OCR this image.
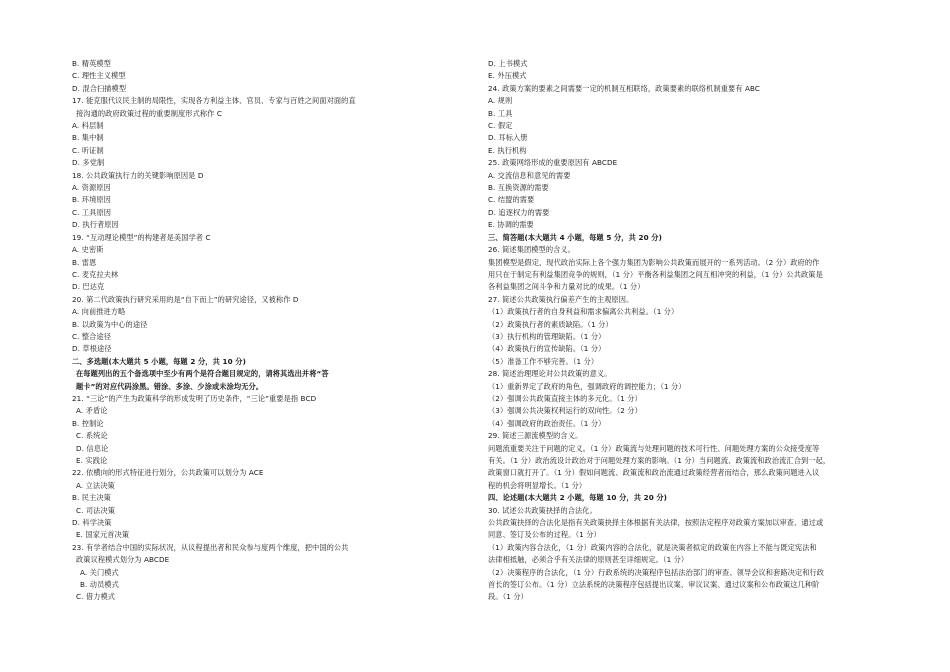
B. 精英模型
C. 理性主义模型
D. 混合扫描模型
17. 能克服代议民主制的局限性，实现各方利益主体、官员、专家与百姓之间面对面的直
接沟通的政府政策过程的重要制度形式称作 C
A. 科层制
B. 集中制
C. 听证制
D. 多党制
18. 公共政策执行力的关键影响原因是 D
A. 资源原因
B. 环境原因
C. 工具原因
D. 执行者原因
19. “互动理论模型”的构建者是美国学者 C
A. 史密斯
B. 雷恩
C. 麦克拉夫林
D. 巴达克
20. 第二代政策执行研究采用的是“自下而上”的研究途径，又被称作 D
A. 向前推进方略
B. 以政策为中心的途径
C. 整合途径
D. 草根途径
二、多选题(本大题共 5 小题，每题 2 分，共 10 分)
在每题列出的五个备选项中至少有两个是符合题目规定的，请将其选出并将“答
题卡”的对应代码涂黑。错涂、多涂、少涂或未涂均无分。
21. “三论”的产生为政策科学的形成发明了历史条件，“三论”重要是指 BCD
A. 矛盾论
B. 控制论
C. 系统论
D. 信息论
E. 实践论
22. 依横向的形式特征进行划分，公共政策可以划分为 ACE
A. 立法决策
B. 民主决策
C. 司法决策
D. 科学决策
E. 国家元首决策
23. 有学者结合中国的实际状况，从议程提出者和民众参与度两个维度，把中国的公共
政策议程模式划分为 ABCDE
A. 关门模式
B. 动员模式
C. 借力模式
D. 上书模式
E. 外压模式
24. 政策方案的要素之间需要一定的机制互相联络，政策要素的联络机制重要有 ABC
A. 规则
B. 工具
C. 假定
D. 耳标入册
E. 执行机构
25. 政策网络形成的重要原因有 ABCDE
A. 交流信息和意见的需要
B. 互换资源的需要
C. 结盟的需要
D. 追逐权力的需要
E. 协调的需要
三、简答题(本大题共 4 小题，每题 5 分，共 20 分)
26. 简述集团模型的含义。
集团模型是假定，现代政治实际上各个强力集团为影响公共政策而展开的一系列活动。（2 分）政府的作
用只在于制定有利益集团竞争的规则，（1 分）平衡各利益集团之间互相冲突的利益，（1 分）公共政策是
各利益集团之间斗争和力量对比的成果。（1 分）
27. 简述公共政策执行偏差产生的主观原因。
（1）政策执行者的自身利益和需求偏离公共利益。（1 分）
（2）政策执行者的素质缺陷。（1 分）
（3）执行机构的管理缺陷。（1 分）
（4）政策执行的宣传缺陷。（1 分）
（5）准备工作不够完善。（1 分）
28. 简述治理理论对公共政策的意义。
（1）重新界定了政府的角色，强调政府的调控能力；（1 分）
（2）强调公共政策直接主体的多元化。（1 分）
（3）强调公共决策权利运行的双向性。（2 分）
（4）强调政府的政治责任。（1 分）
29. 简述三源流模型的含义。
问题流重要关注于问题的定义。（1 分）政策流与处理问题的技术可行性、问题处理方案的公众接受度等
有关。（1 分）政治流设计政治对于问题处理方案的影响。（1 分）当问题流、政策流和政治流汇合到一起，
政策窗口就打开了。（1 分）假如问题流、政策流和政治流通过政策经营者而结合，那么政策问题进入议
程的机会将明显增长。（1 分）
四、论述题(本大题共 2 小题，每题 10 分，共 20 分)
30. 试述公共政策抉择的合法化。
公共政策抉择的合法化是指有关政策抉择主体根据有关法律，按照法定程序对政策方案加以审查、通过或
同意、签订及公布的过程。（1 分）
（1）政策内容合法化，（1 分）政策内容的合法化，就是决策者拟定的政策在内容上不能与既定宪法和
法律相抵触，必须合乎有关法律的原则甚至详细规定。（1 分）
（2）决策程序的合法化，（1 分）行政系统的决策程序包括法治部门的审查、领导会议和套路决定和行政
首长的签订公布。（1 分）立法系统的决策程序包括提出议案、审议议案、通过议案和公布政策这几种阶
段。（1 分）
